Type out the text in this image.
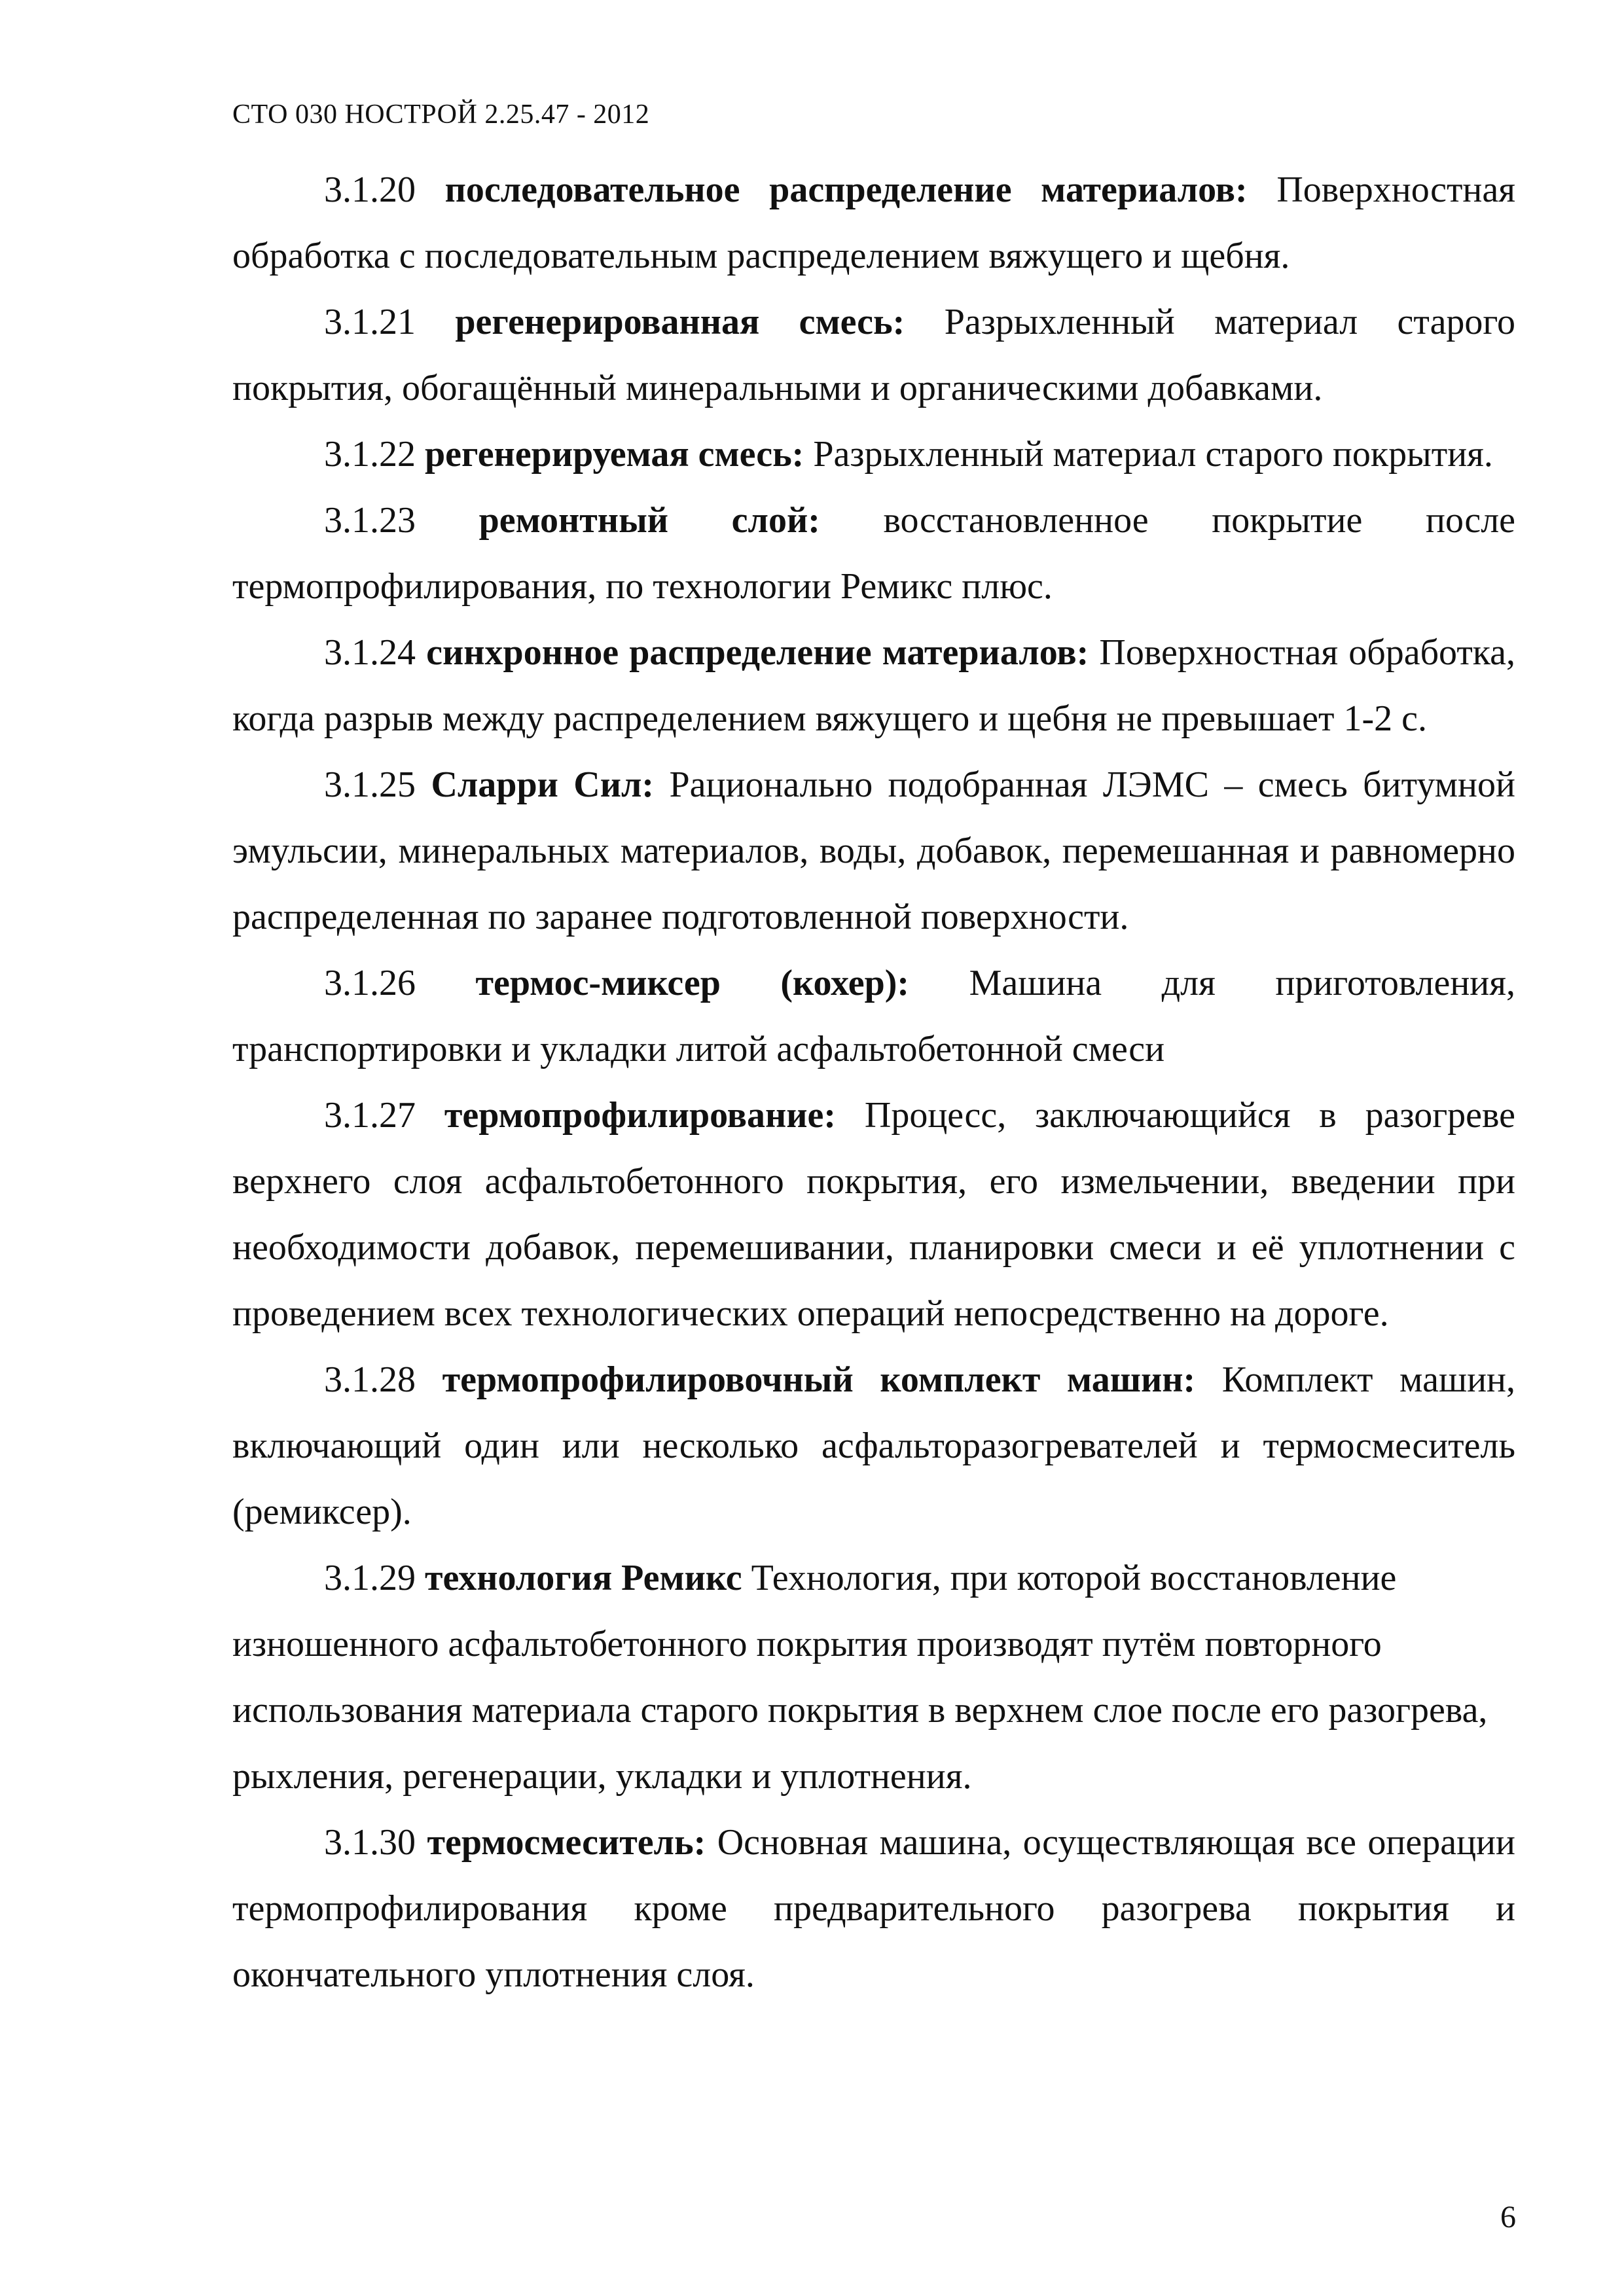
СТО 030 НОСТРОЙ 2.25.47 - 2012

3.1.20 последовательное распределение материалов: Поверхностная обработка с последовательным распределением вяжущего и щебня.

3.1.21 регенерированная смесь: Разрыхленный материал старого покрытия, обогащённый минеральными и органическими добавками.

3.1.22 регенерируемая смесь: Разрыхленный материал старого покрытия.

3.1.23 ремонтный слой: восстановленное покрытие после термопрофилирования, по технологии Ремикс плюс.

3.1.24 синхронное распределение материалов: Поверхностная обработка, когда разрыв между распределением вяжущего и щебня не превышает 1-2 с.

3.1.25 Сларри Сил: Рационально подобранная ЛЭМС – смесь битумной эмульсии, минеральных материалов, воды, добавок, перемешанная и равномерно распределенная по заранее подготовленной поверхности.

3.1.26 термос-миксер (кохер): Машина для приготовления, транспортировки и укладки литой асфальтобетонной смеси

3.1.27 термопрофилирование: Процесс, заключающийся в разогреве верхнего слоя асфальтобетонного покрытия, его измельчении, введении при необходимости добавок, перемешивании, планировки смеси и её уплотнении с проведением всех технологических операций непосредственно на дороге.

3.1.28 термопрофилировочный комплект машин: Комплект машин, включающий один или несколько асфальторазогревателей и термосмеситель (ремиксер).

3.1.29 технология Ремикс Технология, при которой восстановление изношенного асфальтобетонного покрытия производят путём повторного использования материала старого покрытия в верхнем слое после его разогрева, рыхления, регенерации, укладки и уплотнения.

3.1.30 термосмеситель: Основная машина, осуществляющая все операции термопрофилирования кроме предварительного разогрева покрытия и окончательного уплотнения слоя.

6
